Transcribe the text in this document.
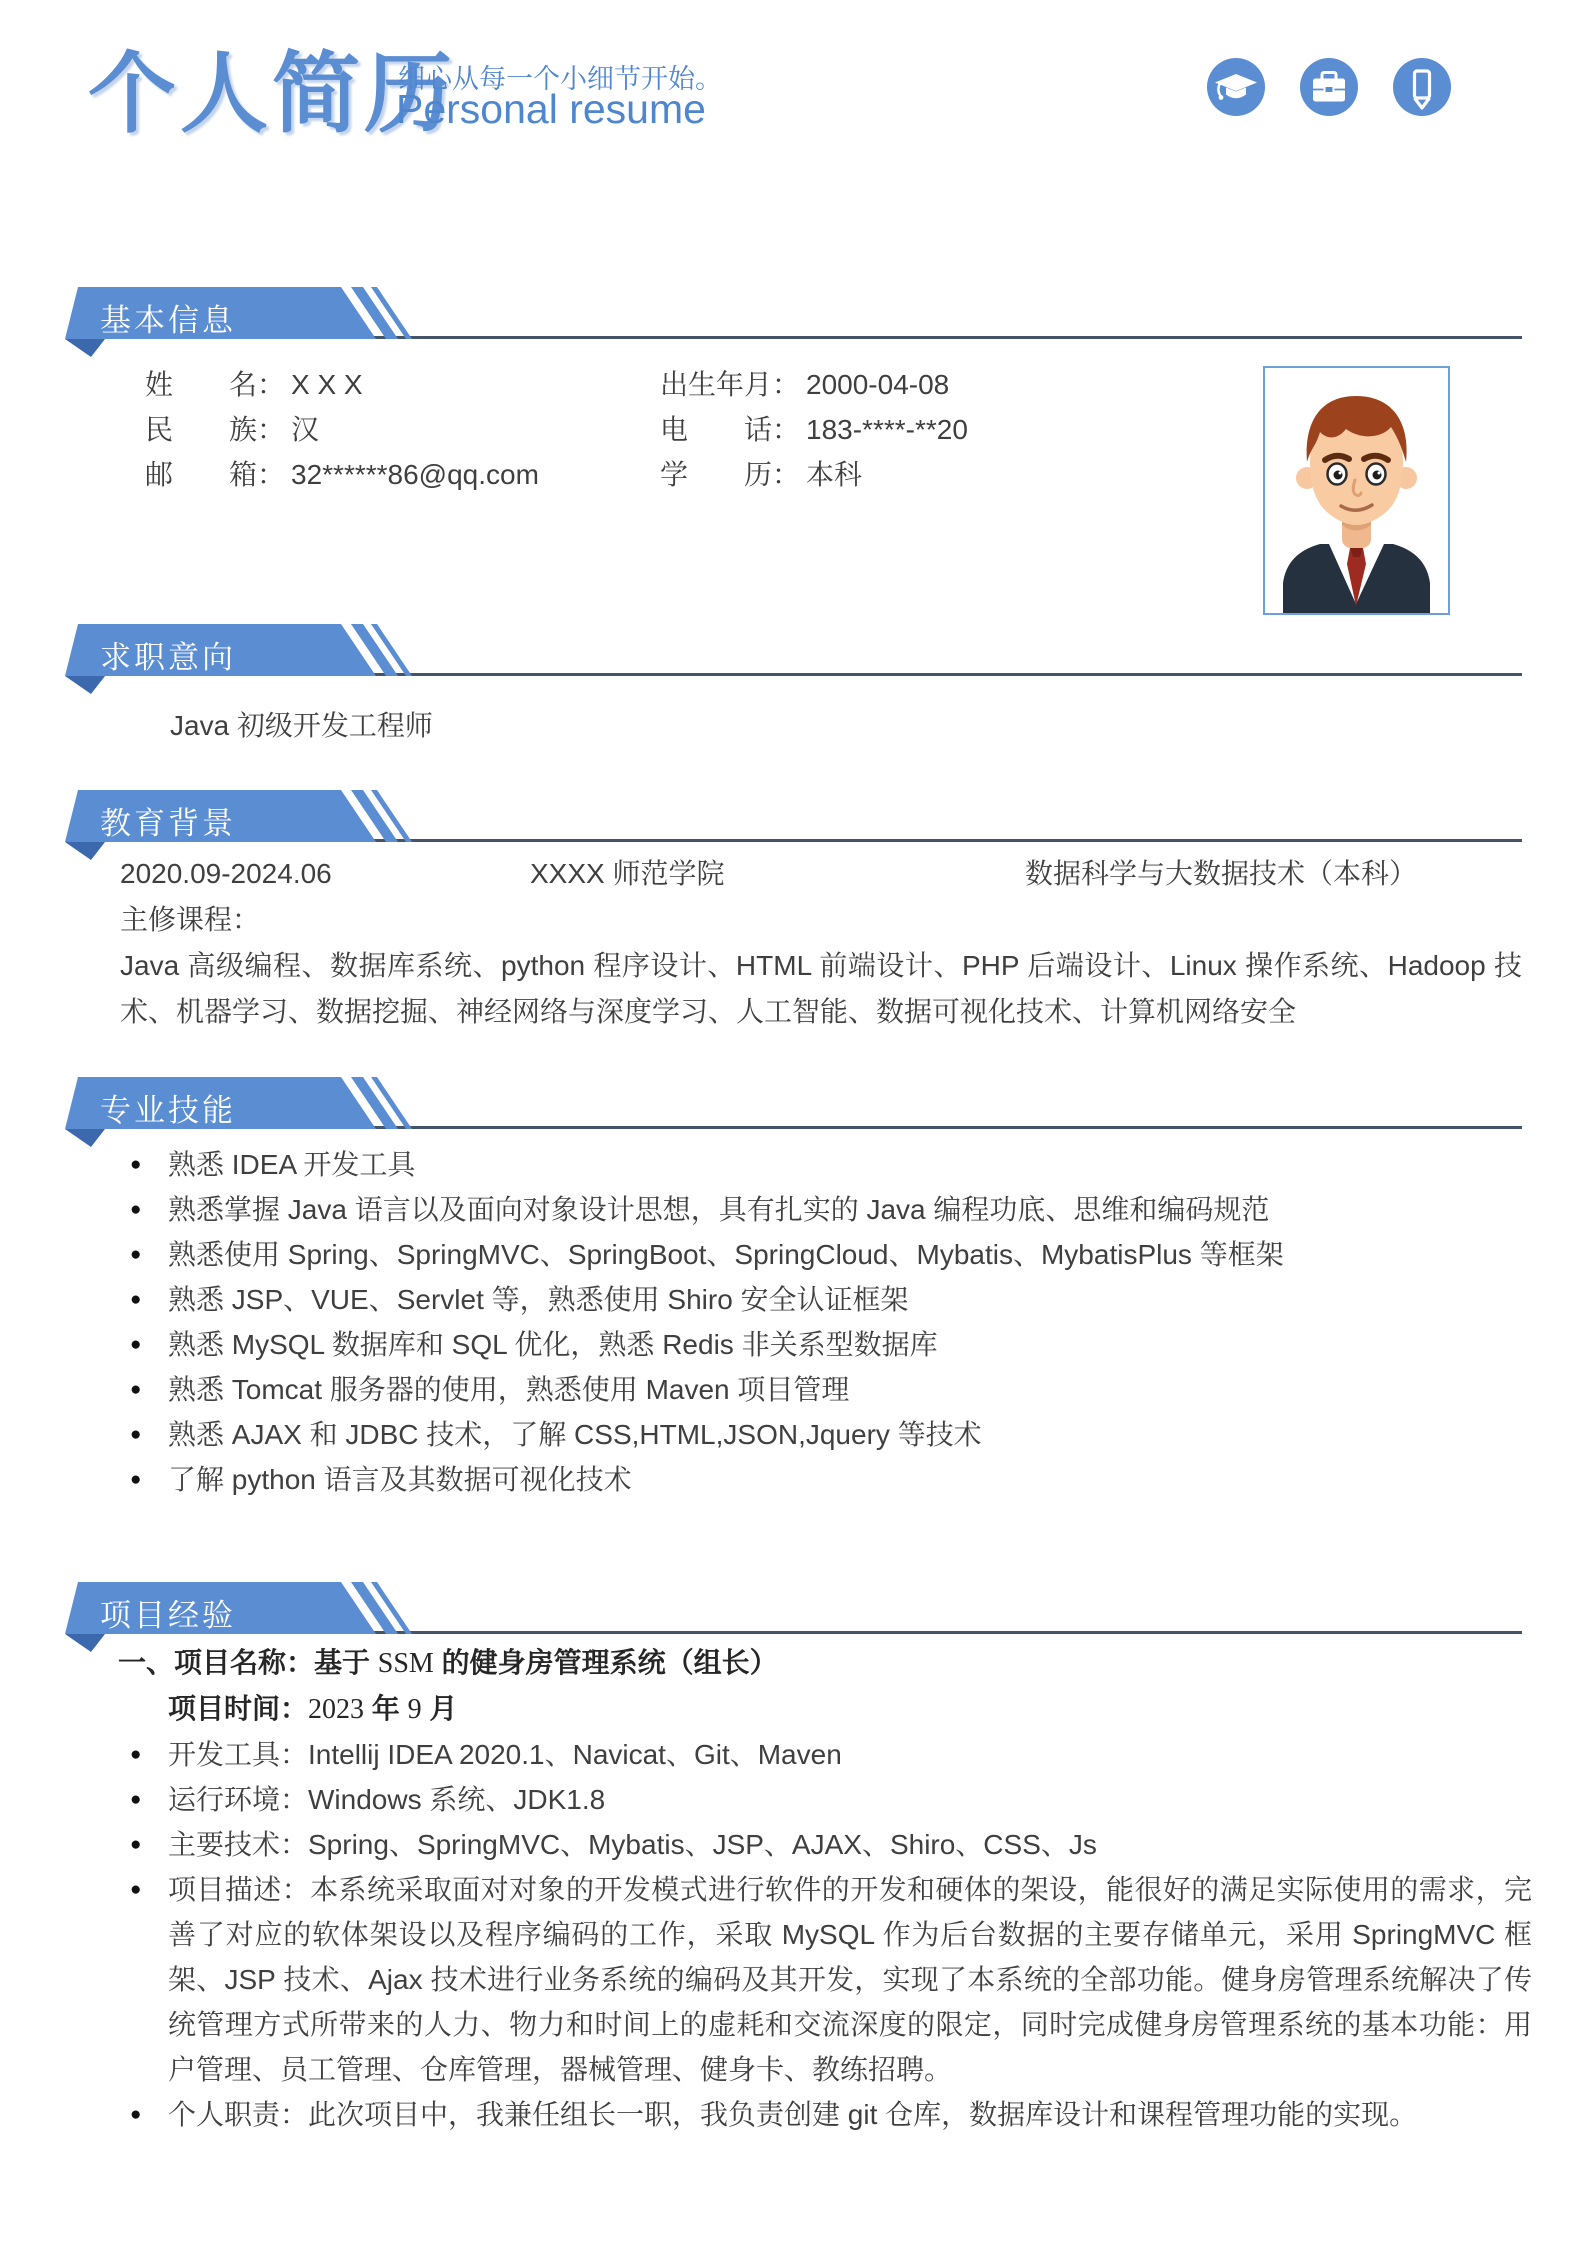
个人简历
细心从每一个小细节开始。
Personal resume
基本信息
姓　　名： X X X
民　　族： 汉
邮　　箱： 32******86@qq.com
出生年月： 2000-04-08
电　　话： 183-****-**20
学　　历： 本科
求职意向
Java 初级开发工程师
教育背景
2020.09-2024.06	XXXX 师范学院	数据科学与大数据技术（本科）
主修课程：
Java 高级编程、数据库系统、python 程序设计、HTML 前端设计、PHP 后端设计、Linux 操作系统、Hadoop 技术、机器学习、数据挖掘、神经网络与深度学习、人工智能、数据可视化技术、计算机网络安全
专业技能
● 熟悉 IDEA 开发工具
● 熟悉掌握 Java 语言以及面向对象设计思想，具有扎实的 Java 编程功底、思维和编码规范
● 熟悉使用 Spring、SpringMVC、SpringBoot、SpringCloud、Mybatis、MybatisPlus 等框架
● 熟悉 JSP、VUE、Servlet 等，熟悉使用 Shiro 安全认证框架
● 熟悉 MySQL 数据库和 SQL 优化，熟悉 Redis 非关系型数据库
● 熟悉 Tomcat 服务器的使用，熟悉使用 Maven 项目管理
● 熟悉 AJAX 和 JDBC 技术，了解 CSS,HTML,JSON,Jquery 等技术
● 了解 python 语言及其数据可视化技术
项目经验
一、项目名称：基于 SSM 的健身房管理系统（组长）
项目时间：2023 年 9 月
● 开发工具：Intellij IDEA 2020.1、Navicat、Git、Maven
● 运行环境：Windows 系统、JDK1.8
● 主要技术：Spring、SpringMVC、Mybatis、JSP、AJAX、Shiro、CSS、Js
● 项目描述：本系统采取面对对象的开发模式进行软件的开发和硬体的架设，能很好的满足实际使用的需求，完善了对应的软体架设以及程序编码的工作，采取 MySQL 作为后台数据的主要存储单元，采用 SpringMVC 框架、JSP 技术、Ajax 技术进行业务系统的编码及其开发，实现了本系统的全部功能。健身房管理系统解决了传统管理方式所带来的人力、物力和时间上的虚耗和交流深度的限定，同时完成健身房管理系统的基本功能：用户管理、员工管理、仓库管理，器械管理、健身卡、教练招聘。
● 个人职责：此次项目中，我兼任组长一职，我负责创建 git 仓库，数据库设计和课程管理功能的实现。
